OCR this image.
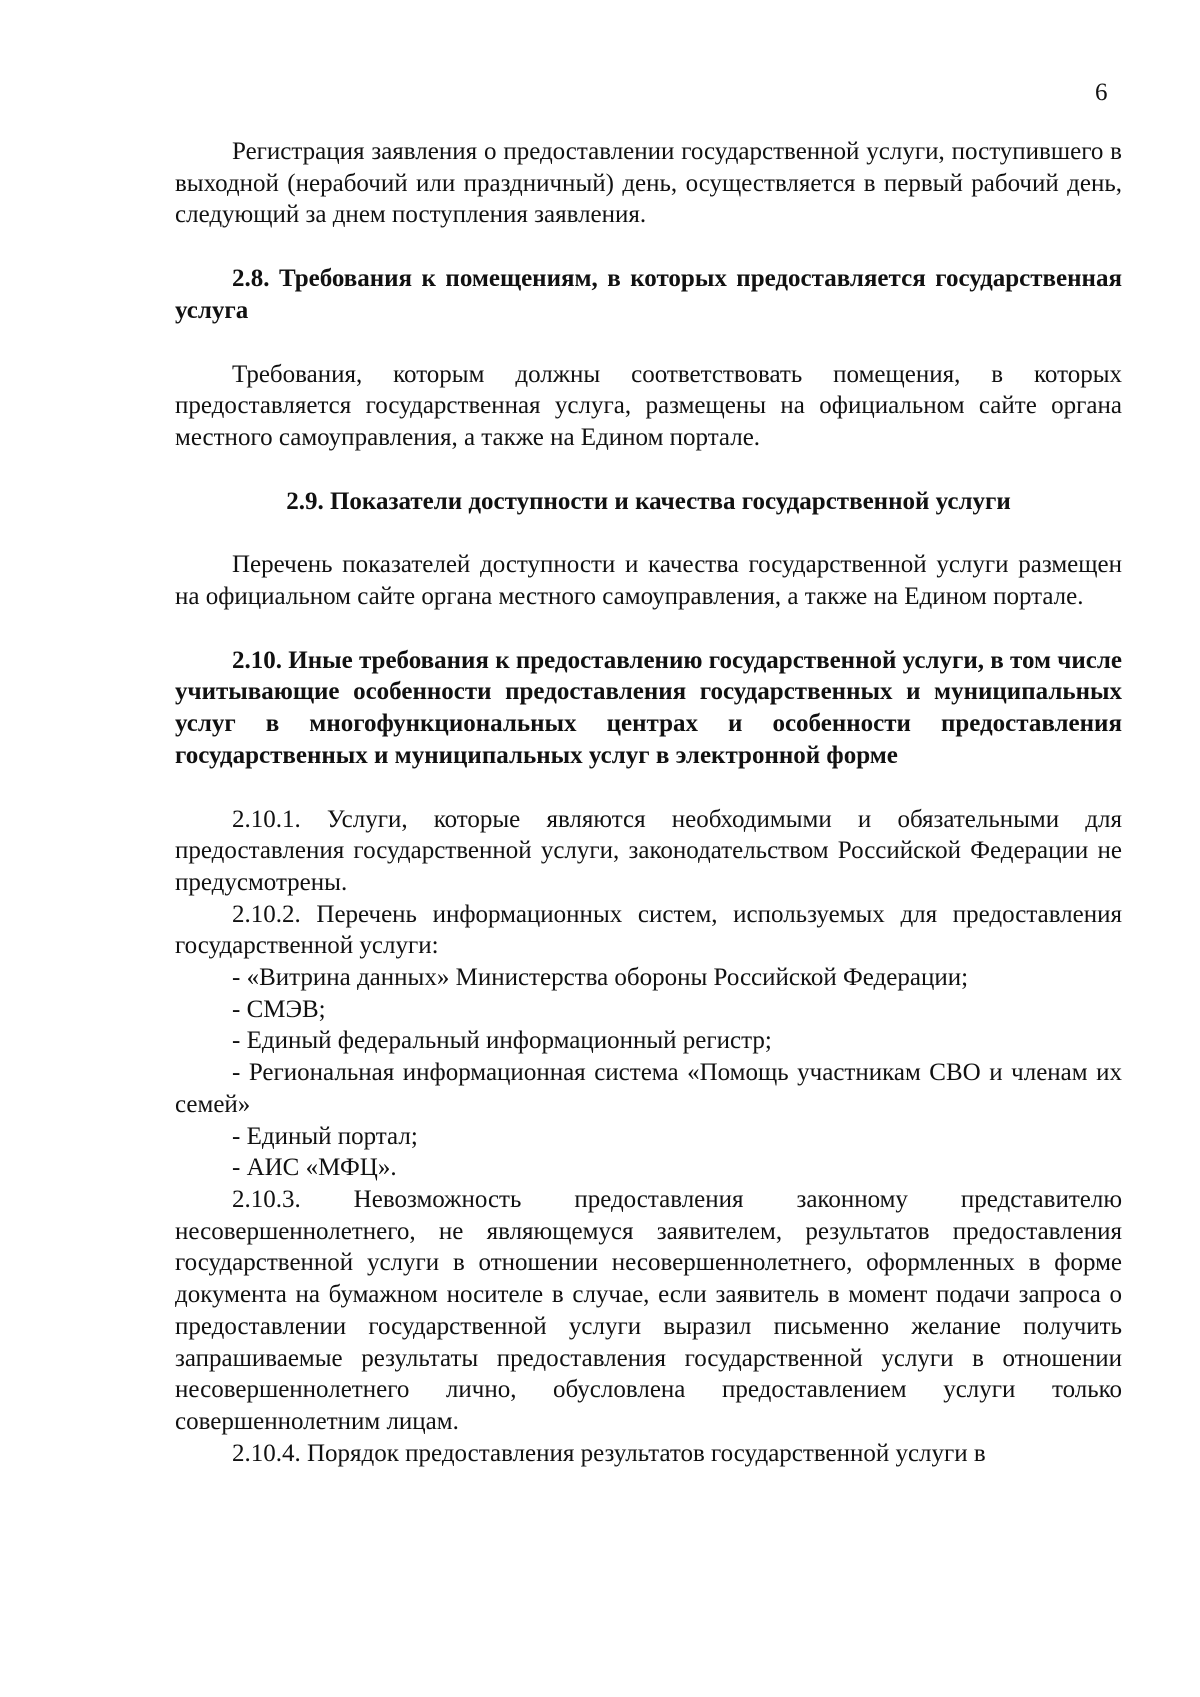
6

Регистрация заявления о предоставлении государственной услуги, поступившего в выходной (нерабочий или праздничный) день, осуществляется в первый рабочий день, следующий за днем поступления заявления.

2.8. Требования к помещениям, в которых предоставляется государственная услуга

Требования, которым должны соответствовать помещения, в которых предоставляется государственная услуга, размещены на официальном сайте органа местного самоуправления, а также на Едином портале.

2.9. Показатели доступности и качества государственной услуги

Перечень показателей доступности и качества государственной услуги размещен на официальном сайте органа местного самоуправления, а также на Едином портале.

2.10. Иные требования к предоставлению государственной услуги, в том числе учитывающие особенности предоставления государственных и муниципальных услуг в многофункциональных центрах и особенности предоставления государственных и муниципальных услуг в электронной форме

2.10.1. Услуги, которые являются необходимыми и обязательными для предоставления государственной услуги, законодательством Российской Федерации не предусмотрены.

2.10.2. Перечень информационных систем, используемых для предоставления государственной услуги:

- «Витрина данных» Министерства обороны Российской Федерации;

- СМЭВ;

- Единый федеральный информационный регистр;

- Региональная информационная система «Помощь участникам СВО и членам их семей»

- Единый портал;

- АИС «МФЦ».

2.10.3. Невозможность предоставления законному представителю несовершеннолетнего, не являющемуся заявителем, результатов предоставления государственной услуги в отношении несовершеннолетнего, оформленных в форме документа на бумажном носителе в случае, если заявитель в момент подачи запроса о предоставлении государственной услуги выразил письменно желание получить запрашиваемые результаты предоставления государственной услуги в отношении несовершеннолетнего лично, обусловлена предоставлением услуги только совершеннолетним лицам.

2.10.4. Порядок предоставления результатов государственной услуги в
